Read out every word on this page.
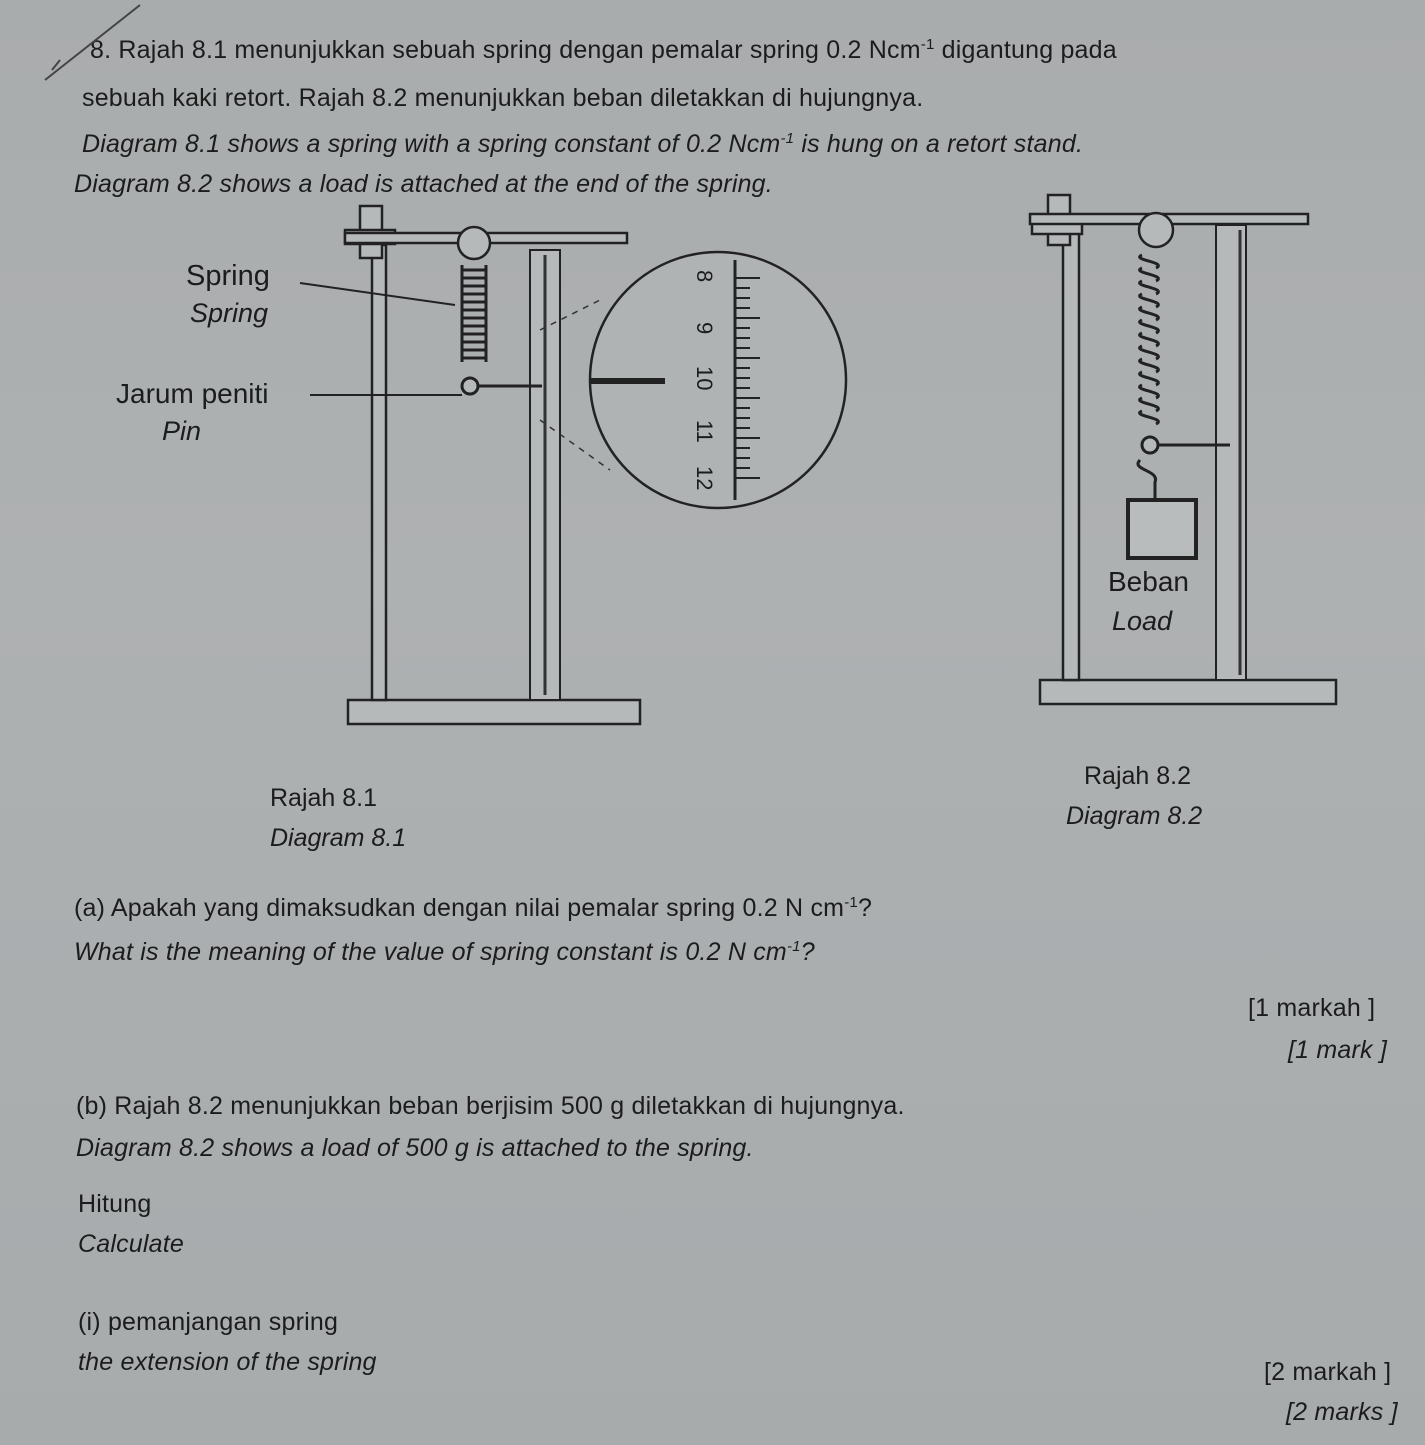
8. Rajah 8.1 menunjukkan sebuah spring dengan pemalar spring 0.2 Ncm$^{-1}$ digantung pada
sebuah kaki retort. Rajah 8.2 menunjukkan beban diletakkan di hujungnya.
Diagram 8.1 shows a spring with a spring constant of 0.2 Ncm$^{-1}$ is hung on a retort stand.
Diagram 8.2 shows a load is attached at the end of the spring.
8
9
10
11
12
Spring
Spring
Jarum peniti
Pin
Beban
Load
Rajah 8.1
Diagram 8.1
Rajah 8.2
Diagram 8.2
(a) Apakah yang dimaksudkan dengan nilai pemalar spring 0.2 N $cm^{-1}$?
What is the meaning of the value of spring constant is 0.2 N $cm^{-1}$?
[1 markah ]
[1 mark ]
(b) Rajah 8.2 menunjukkan beban berjisim 500 g diletakkan di hujungnya.
Diagram 8.2 shows a load of 500 g is attached to the spring.
Hitung
Calculate
(i) pemanjangan spring
the extension of the spring	[2 markah ]
[2 marks ]
